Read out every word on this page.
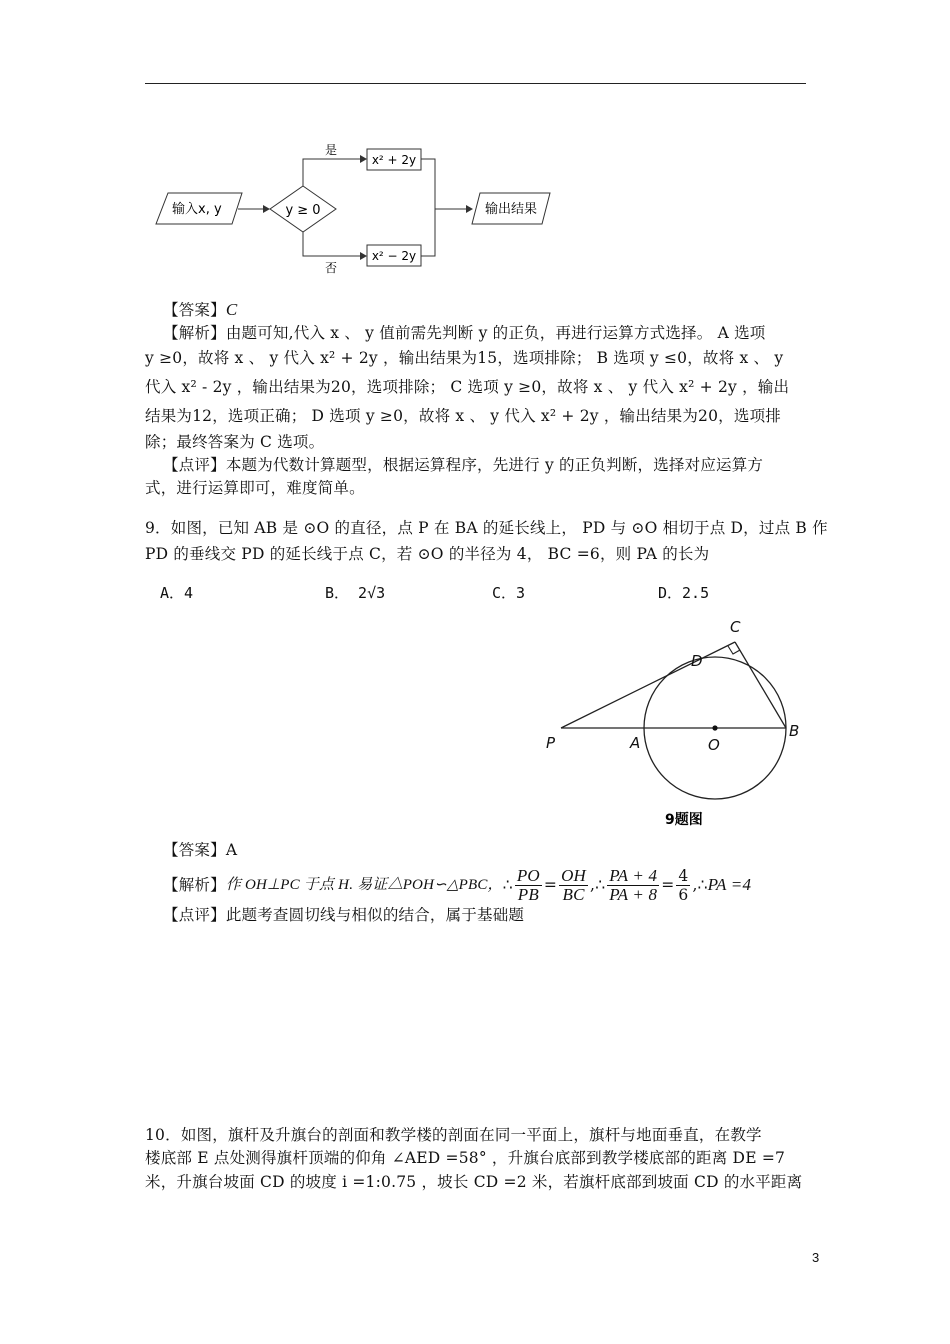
输入x, y	y ≥ 0
是
否
x² + 2y
x² − 2y
输出结果
【答案】C
【解析】由题可知,代入 x 、 y 值前需先判断 y 的正负，再进行运算方式选择。 A 选项
y ≥0，故将 x 、 y 代入 x² + 2y ，输出结果为15，选项排除； B 选项 y ≤0，故将 x 、 y
代入 x² - 2y ，输出结果为20，选项排除； C 选项 y ≥0，故将 x 、 y 代入 x² + 2y ，输出
结果为12，选项正确； D 选项 y ≥0，故将 x 、 y 代入 x² + 2y ，输出结果为20，选项排
除；最终答案为 C 选项。
【点评】本题为代数计算题型，根据运算程序，先进行 y 的正负判断，选择对应运算方
式，进行运算即可，难度简单。
9．如图，已知 AB 是 ⊙O 的直径，点 P 在 BA 的延长线上， PD 与 ⊙O 相切于点 D，过点 B 作
PD 的垂线交 PD 的延长线于点 C，若 ⊙O 的半径为 4， BC =6，则 PA 的长为
A．4	B． 2√3	C．3	D．2.5
C
D
P	A	O
B
9题图
【答案】A
【解析】 作 OH⊥PC 于点 H. 易证△POH∽△PBC， ∴ $\frac{PO}{PB} = \frac{OH}{BC}$ , ∴ $\frac{PA + 4}{PA + 8} = \frac{4}{6}$ , ∴ PA =4
【点评】此题考查圆切线与相似的结合，属于基础题
10．如图，旗杆及升旗台的剖面和教学楼的剖面在同一平面上，旗杆与地面垂直，在教学
楼底部 E 点处测得旗杆顶端的仰角 ∠AED =58° ，升旗台底部到教学楼底部的距离 DE =7
米，升旗台坡面 CD 的坡度 i =1:0.75 ，坡长 CD =2 米，若旗杆底部到坡面 CD 的水平距离
3
